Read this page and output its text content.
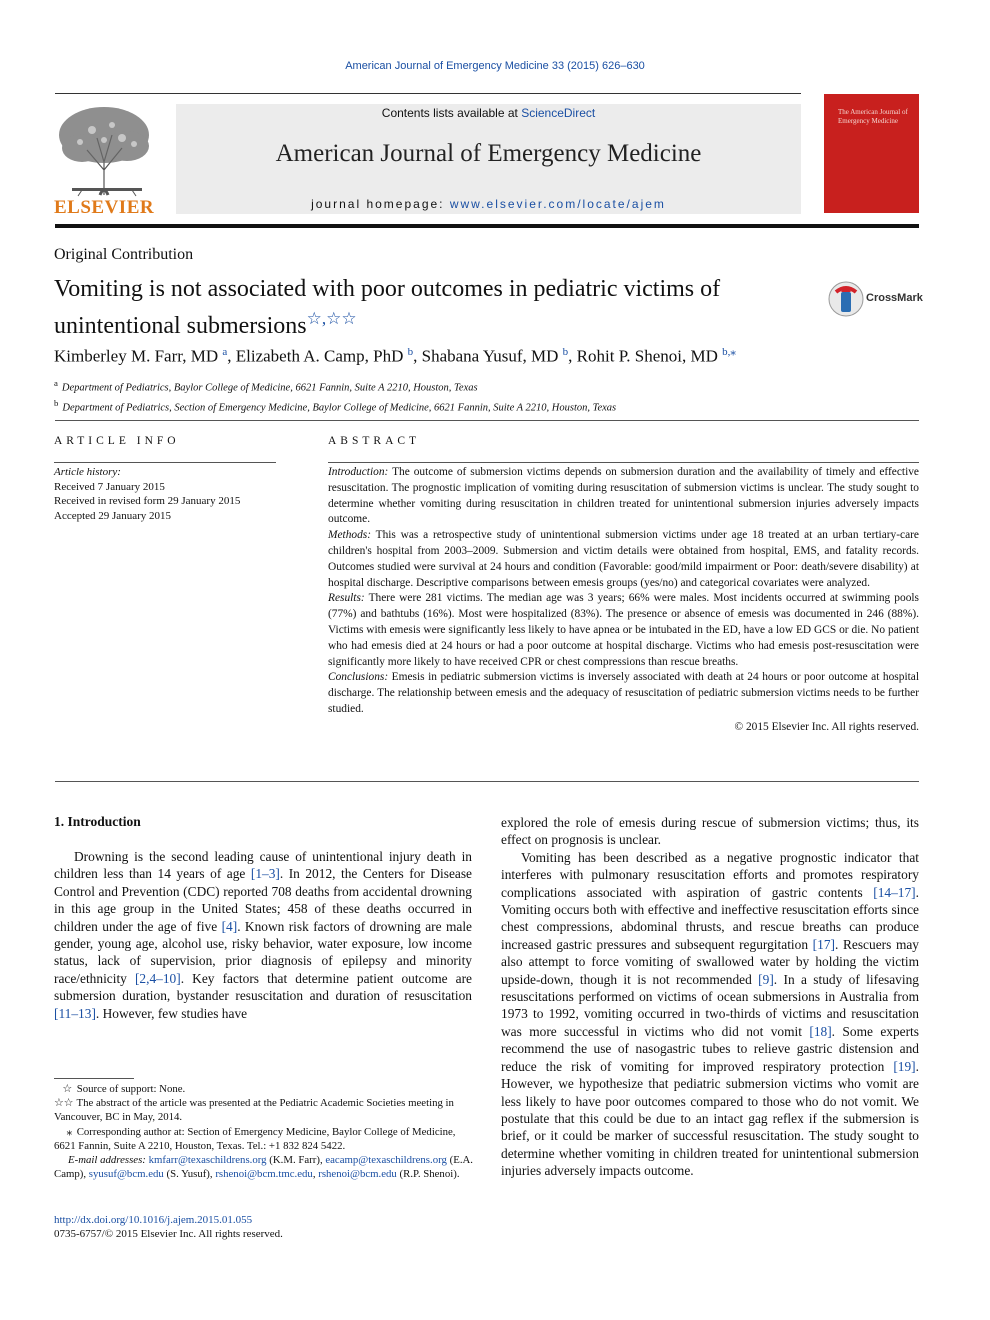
American Journal of Emergency Medicine 33 (2015) 626–630
ELSEVIER
Contents lists available at ScienceDirect
American Journal of Emergency Medicine
journal homepage: www.elsevier.com/locate/ajem
The American Journal of Emergency Medicine
Original Contribution
Vomiting is not associated with poor outcomes in pediatric victims of unintentional submersions☆,☆☆
CrossMark
Kimberley M. Farr, MD $^a$, Elizabeth A. Camp, PhD $^b$, Shabana Yusuf, MD $^b$, Rohit P. Shenoi, MD $^{b,⁎}$
$^a$ Department of Pediatrics, Baylor College of Medicine, 6621 Fannin, Suite A 2210, Houston, Texas
$^b$ Department of Pediatrics, Section of Emergency Medicine, Baylor College of Medicine, 6621 Fannin, Suite A 2210, Houston, Texas
ARTICLE INFO	ABSTRACT
Article history:
Received 7 January 2015
Received in revised form 29 January 2015
Accepted 29 January 2015

Introduction: The outcome of submersion victims depends on submersion duration and the availability of timely and effective resuscitation. The prognostic implication of vomiting during resuscitation of submersion victims is unclear. The study sought to determine whether vomiting during resuscitation in children treated for unintentional submersion injuries adversely impacts outcome.

Methods: This was a retrospective study of unintentional submersion victims under age 18 treated at an urban tertiary-care children's hospital from 2003–2009. Submersion and victim details were obtained from hospital, EMS, and fatality records. Outcomes studied were survival at 24 hours and condition (Favorable: good/mild impairment or Poor: death/severe disability) at hospital discharge. Descriptive comparisons between emesis groups (yes/no) and categorical covariates were analyzed.

Results: There were 281 victims. The median age was 3 years; 66% were males. Most incidents occurred at swimming pools (77%) and bathtubs (16%). Most were hospitalized (83%). The presence or absence of emesis was documented in 246 (88%). Victims with emesis were significantly less likely to have apnea or be intubated in the ED, have a low ED GCS or die. No patient who had emesis died at 24 hours or had a poor outcome at hospital discharge. Victims who had emesis post-resuscitation were significantly more likely to have received CPR or chest compressions than rescue breaths.

Conclusions: Emesis in pediatric submersion victims is inversely associated with death at 24 hours or poor outcome at hospital discharge. The relationship between emesis and the adequacy of resuscitation of pediatric submersion victims needs to be further studied.

© 2015 Elsevier Inc. All rights reserved.

1. Introduction

Drowning is the second leading cause of unintentional injury death in children less than 14 years of age [1–3]. In 2012, the Centers for Disease Control and Prevention (CDC) reported 708 deaths from accidental drowning in this age group in the United States; 458 of these deaths occurred in children under the age of five [4]. Known risk factors of drowning are male gender, young age, alcohol use, risky behavior, water exposure, low income status, lack of supervision, prior diagnosis of epilepsy and minority race/ethnicity [2,4–10]. Key factors that determine patient outcome are submersion duration, bystander resuscitation and duration of resuscitation [11–13]. However, few studies have

explored the role of emesis during rescue of submersion victims; thus, its effect on prognosis is unclear.

Vomiting has been described as a negative prognostic indicator that interferes with pulmonary resuscitation efforts and promotes respiratory complications associated with aspiration of gastric contents [14–17]. Vomiting occurs both with effective and ineffective resuscitation efforts since chest compressions, abdominal thrusts, and rescue breaths can produce increased gastric pressures and subsequent regurgitation [17]. Rescuers may also attempt to force vomiting of swallowed water by holding the victim upside-down, though it is not recommended [9]. In a study of lifesaving resuscitations performed on victims of ocean submersions in Australia from 1973 to 1992, vomiting occurred in two-thirds of victims and resuscitation was more successful in victims who did not vomit [18]. Some experts recommend the use of nasogastric tubes to relieve gastric distension and reduce the risk of vomiting for improved respiratory protection [19]. However, we hypothesize that pediatric submersion victims who vomit are less likely to have poor outcomes compared to those who do not vomit. We postulate that this could be due to an intact gag reflex if the submersion is brief, or it could be marker of successful resuscitation. The study sought to determine whether vomiting in children treated for unintentional submersion injuries adversely impacts outcome.

☆ Source of support: None.

☆☆ The abstract of the article was presented at the Pediatric Academic Societies meeting in Vancouver, BC in May, 2014.

⁎ Corresponding author at: Section of Emergency Medicine, Baylor College of Medicine, 6621 Fannin, Suite A 2210, Houston, Texas. Tel.: +1 832 824 5422.

E-mail addresses: kmfarr@texaschildrens.org (K.M. Farr), eacamp@texaschildrens.org (E.A. Camp), syusuf@bcm.edu (S. Yusuf), rshenoi@bcm.tmc.edu, rshenoi@bcm.edu (R.P. Shenoi).

http://dx.doi.org/10.1016/j.ajem.2015.01.055
0735-6757/© 2015 Elsevier Inc. All rights reserved.
